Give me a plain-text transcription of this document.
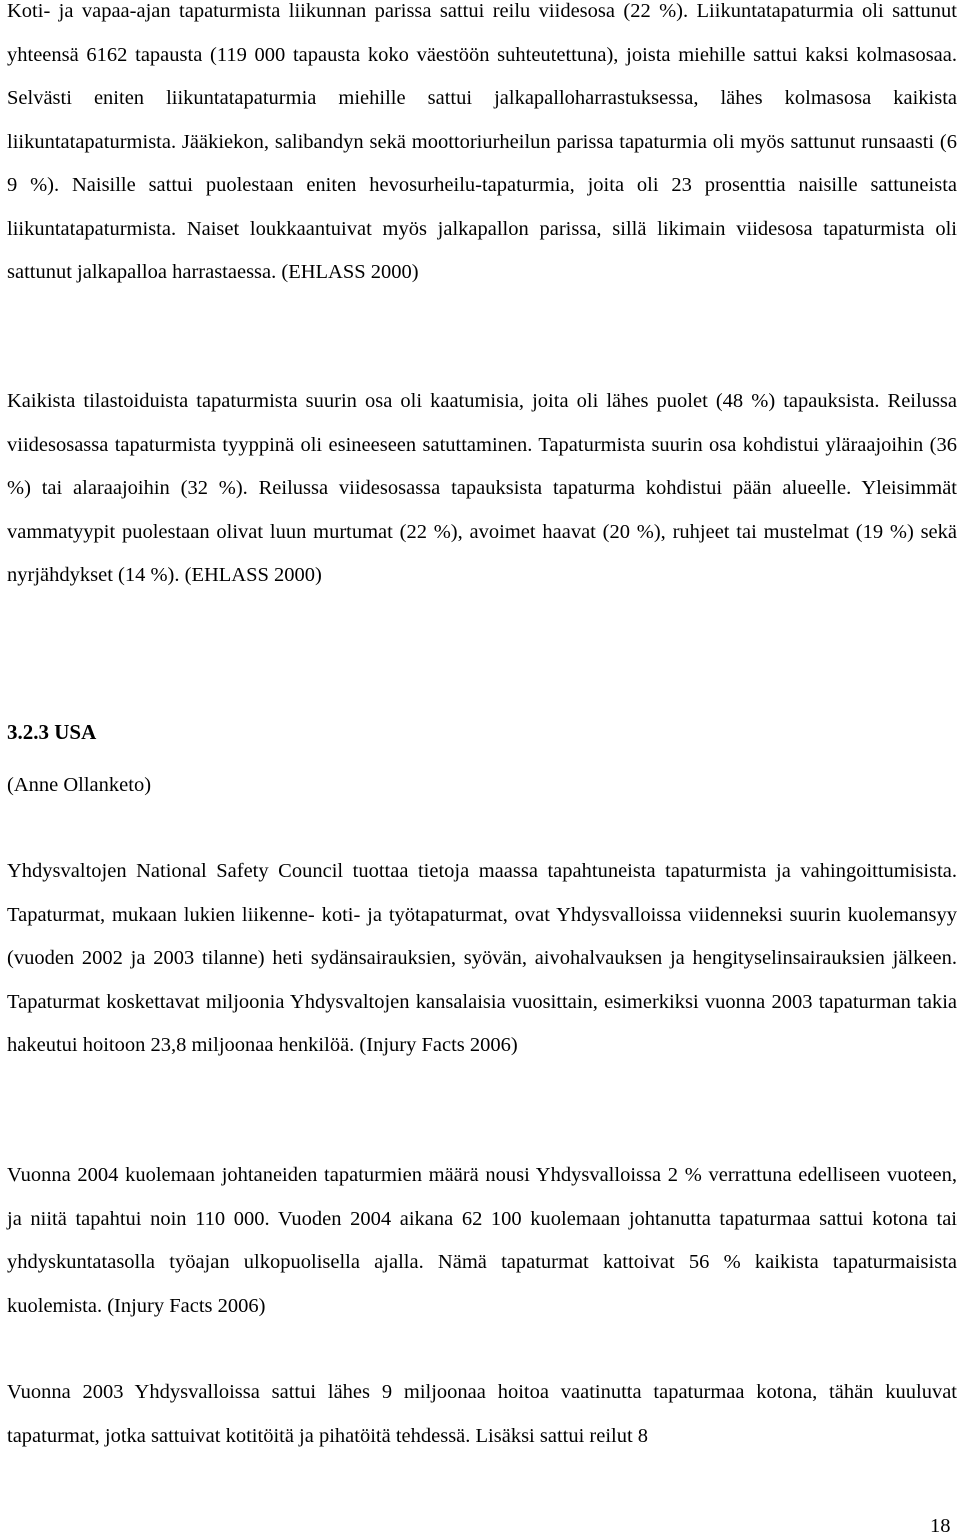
Koti- ja vapaa-ajan tapaturmista liikunnan parissa sattui reilu viidesosa (22 %). Liikuntatapaturmia oli sattunut yhteensä 6162 tapausta (119 000 tapausta koko väestöön suhteutettuna), joista miehille sattui kaksi kolmasosaa. Selvästi eniten liikuntatapaturmia miehille sattui jalkapalloharrastuksessa, lähes kolmasosa kaikista liikuntatapaturmista. Jääkiekon, salibandyn sekä moottoriurheilun parissa tapaturmia oli myös sattunut runsaasti (6 9 %). Naisille sattui puolestaan eniten hevosurheilu-tapaturmia, joita oli 23 prosenttia naisille sattuneista liikuntatapaturmista. Naiset loukkaantuivat myös jalkapallon parissa, sillä likimain viidesosa tapaturmista oli sattunut jalkapalloa harrastaessa. (EHLASS 2000)

Kaikista tilastoiduista tapaturmista suurin osa oli kaatumisia, joita oli lähes puolet (48 %) tapauksista. Reilussa viidesosassa tapaturmista tyyppinä oli esineeseen satuttaminen. Tapaturmista suurin osa kohdistui yläraajoihin (36 %) tai alaraajoihin (32 %). Reilussa viidesosassa tapauksista tapaturma kohdistui pään alueelle. Yleisimmät vammatyypit puolestaan olivat luun murtumat (22 %), avoimet haavat (20 %), ruhjeet tai mustelmat (19 %) sekä nyrjähdykset (14 %). (EHLASS 2000)

3.2.3 USA

(Anne Ollanketo)

Yhdysvaltojen National Safety Council tuottaa tietoja maassa tapahtuneista tapaturmista ja vahingoittumisista. Tapaturmat, mukaan lukien liikenne- koti- ja työtapaturmat, ovat Yhdysvalloissa viidenneksi suurin kuolemansyy (vuoden 2002 ja 2003 tilanne) heti sydänsairauksien, syövän, aivohalvauksen ja hengityselinsairauksien jälkeen. Tapaturmat koskettavat miljoonia Yhdysvaltojen kansalaisia vuosittain, esimerkiksi vuonna 2003 tapaturman takia hakeutui hoitoon 23,8 miljoonaa henkilöä. (Injury Facts 2006)

Vuonna 2004 kuolemaan johtaneiden tapaturmien määrä nousi Yhdysvalloissa 2 % verrattuna edelliseen vuoteen, ja niitä tapahtui noin 110 000. Vuoden 2004 aikana 62 100 kuolemaan johtanutta tapaturmaa sattui kotona tai yhdyskuntatasolla työajan ulkopuolisella ajalla. Nämä tapaturmat kattoivat 56 % kaikista tapaturmaisista kuolemista. (Injury Facts 2006)

Vuonna 2003 Yhdysvalloissa sattui lähes 9 miljoonaa hoitoa vaatinutta tapaturmaa kotona, tähän kuuluvat tapaturmat, jotka sattuivat kotitöitä ja pihatöitä tehdessä. Lisäksi sattui reilut 8

18
